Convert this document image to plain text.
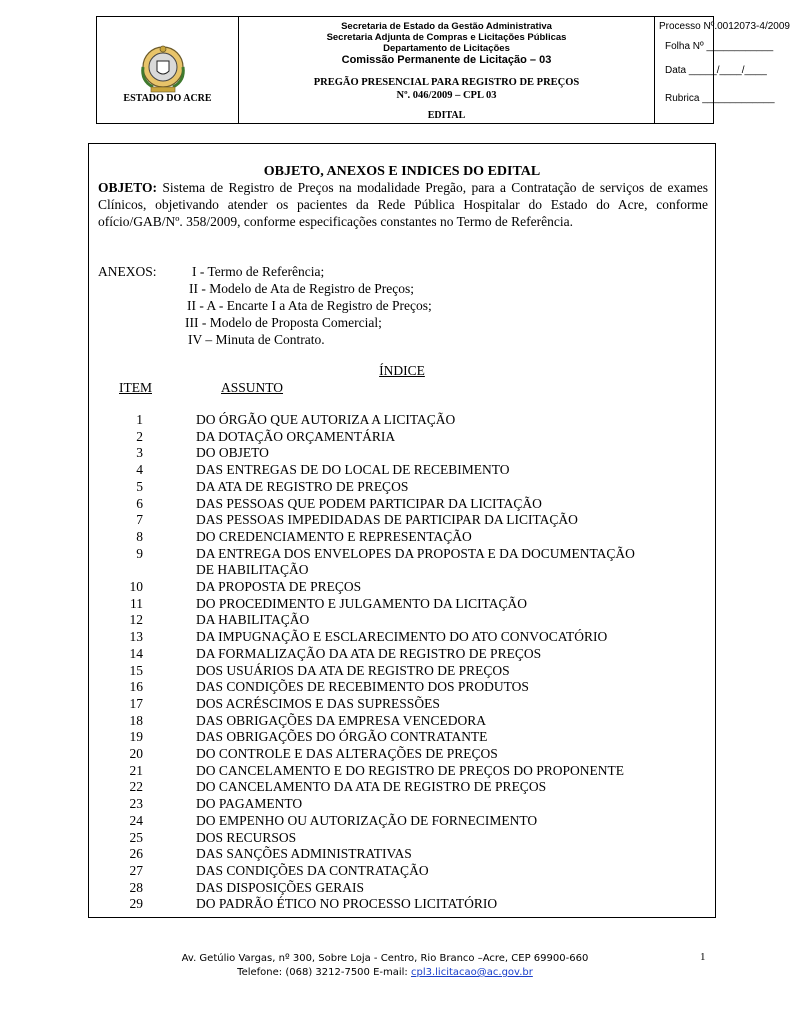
ESTADO DO ACRE
Secretaria de Estado da Gestão Administrativa
Secretaria Adjunta de Compras e Licitações Públicas
Departamento de Licitações
Comissão Permanente de Licitação – 03
PREGÃO PRESENCIAL PARA REGISTRO DE PREÇOS
Nº. 046/2009 – CPL 03
EDITAL
Processo Nº.0012073-4/2009
Folha Nº ____________
Data _____/____/____
Rubrica _____________
OBJETO, ANEXOS E INDICES DO EDITAL

OBJETO: Sistema de Registro de Preços na modalidade Pregão, para a Contratação de serviços de exames Clínicos, objetivando atender os pacientes da Rede Pública Hospitalar do Estado do Acre, conforme ofício/GAB/Nº. 358/2009, conforme especificações constantes no Termo de Referência.

ANEXOS:	I - Termo de Referência;
II - Modelo de Ata de Registro de Preços;
II - A - Encarte I a Ata de Registro de Preços;
III - Modelo de Proposta Comercial;
IV – Minuta de Contrato.
ÍNDICE
ITEM	ASSUNTO
1	DO ÓRGÃO QUE AUTORIZA A LICITAÇÃO
2	DA DOTAÇÃO ORÇAMENTÁRIA
3	DO OBJETO
4	DAS ENTREGAS DE DO LOCAL DE RECEBIMENTO
5	DA ATA DE REGISTRO DE PREÇOS
6	DAS PESSOAS QUE PODEM PARTICIPAR DA LICITAÇÃO
7	DAS PESSOAS IMPEDIDADAS DE PARTICIPAR DA LICITAÇÃO
8	DO CREDENCIAMENTO E REPRESENTAÇÃO
9	DA ENTREGA DOS ENVELOPES DA PROPOSTA E DA DOCUMENTAÇÃO
DE HABILITAÇÃO
10	DA PROPOSTA DE PREÇOS
11	DO PROCEDIMENTO E JULGAMENTO DA LICITAÇÃO
12	DA HABILITAÇÃO
13	DA IMPUGNAÇÃO E ESCLARECIMENTO DO ATO CONVOCATÓRIO
14	DA FORMALIZAÇÃO DA ATA DE REGISTRO DE PREÇOS
15	DOS USUÁRIOS DA ATA DE REGISTRO DE PREÇOS
16	DAS CONDIÇÕES DE RECEBIMENTO DOS PRODUTOS
17	DOS ACRÉSCIMOS E DAS SUPRESSÕES
18	DAS OBRIGAÇÕES DA EMPRESA VENCEDORA
19	DAS OBRIGAÇÕES DO ÓRGÃO CONTRATANTE
20	DO CONTROLE E DAS ALTERAÇÕES DE PREÇOS
21	DO CANCELAMENTO E DO REGISTRO DE PREÇOS DO PROPONENTE
22	DO CANCELAMENTO DA ATA DE REGISTRO DE PREÇOS
23	DO PAGAMENTO
24	DO EMPENHO OU AUTORIZAÇÃO DE FORNECIMENTO
25	DOS RECURSOS
26	DAS SANÇÕES ADMINISTRATIVAS
27	DAS CONDIÇÕES DA CONTRATAÇÃO
28	DAS DISPOSIÇÕES GERAIS
29	DO PADRÃO ÉTICO NO PROCESSO LICITATÓRIO
Av. Getúlio Vargas, nº 300, Sobre Loja - Centro, Rio Branco –Acre, CEP 69900-660
Telefone: (068) 3212-7500 E-mail: cpl3.licitacao@ac.gov.br
1
